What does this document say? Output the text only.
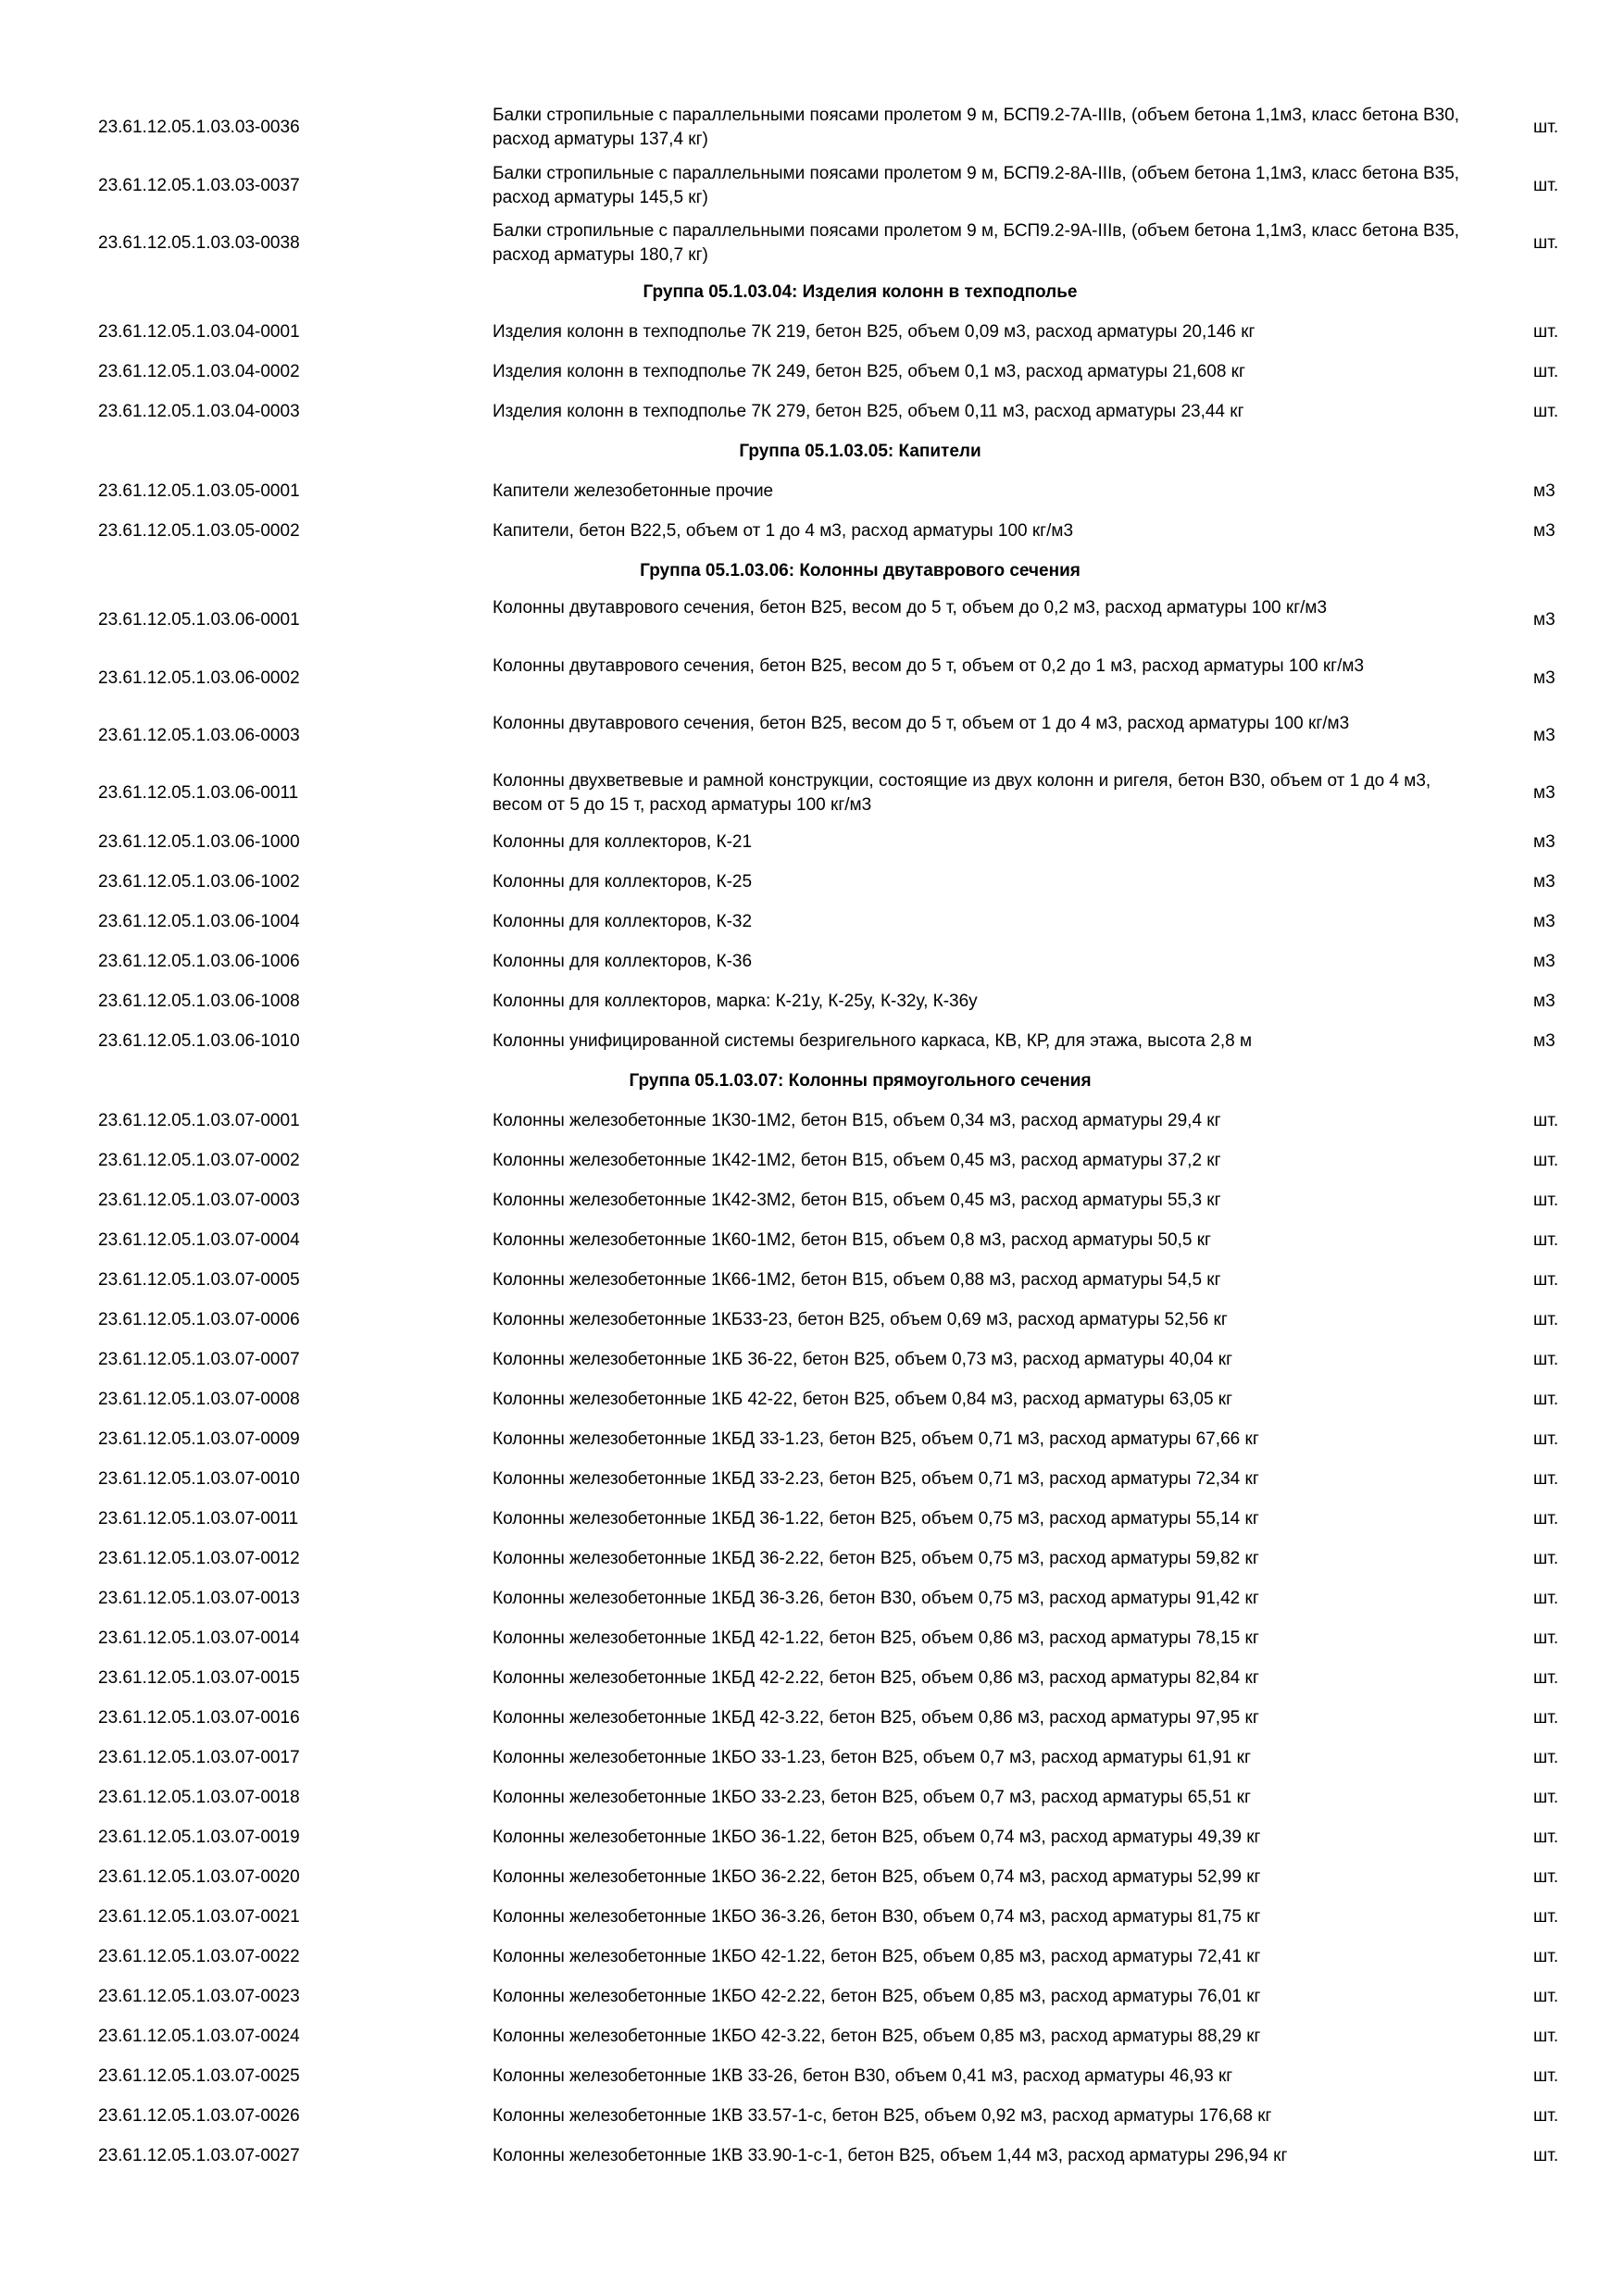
23.61.12.05.1.03.03-0036
Балки стропильные с параллельными поясами пролетом 9 м, БСП9.2-7А-IIIв, (объем бетона 1,1м3, класс бетона В30, расход арматуры 137,4 кг)
шт.
23.61.12.05.1.03.03-0037
Балки стропильные с параллельными поясами пролетом 9 м, БСП9.2-8А-IIIв, (объем бетона 1,1м3, класс бетона В35, расход арматуры 145,5 кг)
шт.
23.61.12.05.1.03.03-0038
Балки стропильные с параллельными поясами пролетом 9 м, БСП9.2-9А-IIIв, (объем бетона 1,1м3, класс бетона В35, расход арматуры 180,7 кг)
шт.
Группа 05.1.03.04: Изделия колонн в техподполье
23.61.12.05.1.03.04-0001	Изделия колонн в техподполье 7К 219, бетон В25, объем 0,09 м3, расход арматуры 20,146 кг	шт.
23.61.12.05.1.03.04-0002	Изделия колонн в техподполье 7К 249, бетон В25, объем 0,1 м3, расход арматуры 21,608 кг	шт.
23.61.12.05.1.03.04-0003	Изделия колонн в техподполье 7К 279, бетон В25, объем 0,11 м3, расход арматуры 23,44 кг	шт.
Группа 05.1.03.05: Капители
23.61.12.05.1.03.05-0001	Капители железобетонные прочие	м3
23.61.12.05.1.03.05-0002	Капители, бетон В22,5, объем от 1 до 4 м3, расход арматуры 100 кг/м3	м3
Группа 05.1.03.06: Колонны двутаврового сечения
23.61.12.05.1.03.06-0001
Колонны двутаврового сечения, бетон В25, весом до 5 т, объем до 0,2 м3, расход арматуры 100 кг/м3
м3
23.61.12.05.1.03.06-0002
Колонны двутаврового сечения, бетон В25, весом до 5 т, объем от 0,2 до 1 м3, расход арматуры 100 кг/м3
м3
23.61.12.05.1.03.06-0003
Колонны двутаврового сечения, бетон В25, весом до 5 т, объем от 1 до 4 м3, расход арматуры 100 кг/м3
м3
23.61.12.05.1.03.06-0011
Колонны двухветвевые и рамной конструкции, состоящие из двух колонн и ригеля, бетон В30, объем от 1 до 4 м3, весом от 5 до 15 т, расход арматуры 100 кг/м3
м3
23.61.12.05.1.03.06-1000	Колонны для коллекторов, К-21	м3
23.61.12.05.1.03.06-1002	Колонны для коллекторов, К-25	м3
23.61.12.05.1.03.06-1004	Колонны для коллекторов, К-32	м3
23.61.12.05.1.03.06-1006	Колонны для коллекторов, К-36	м3
23.61.12.05.1.03.06-1008	Колонны для коллекторов, марка: К-21у, К-25у, К-32у, К-36у	м3
23.61.12.05.1.03.06-1010	Колонны унифицированной системы безригельного каркаса, КВ, КР, для этажа, высота 2,8 м	м3
Группа 05.1.03.07: Колонны прямоугольного сечения
23.61.12.05.1.03.07-0001	Колонны железобетонные 1К30-1М2, бетон В15, объем 0,34 м3, расход арматуры 29,4 кг	шт.
23.61.12.05.1.03.07-0002	Колонны железобетонные 1К42-1М2, бетон В15, объем 0,45 м3, расход арматуры 37,2 кг	шт.
23.61.12.05.1.03.07-0003	Колонны железобетонные 1К42-3М2, бетон В15, объем 0,45 м3, расход арматуры 55,3 кг	шт.
23.61.12.05.1.03.07-0004	Колонны железобетонные 1К60-1М2, бетон В15, объем 0,8 м3, расход арматуры 50,5 кг	шт.
23.61.12.05.1.03.07-0005	Колонны железобетонные 1К66-1М2, бетон В15, объем 0,88 м3, расход арматуры 54,5 кг	шт.
23.61.12.05.1.03.07-0006	Колонны железобетонные 1КБ33-23, бетон В25, объем 0,69 м3, расход арматуры 52,56 кг	шт.
23.61.12.05.1.03.07-0007	Колонны железобетонные 1КБ 36-22, бетон В25, объем 0,73 м3, расход арматуры 40,04 кг	шт.
23.61.12.05.1.03.07-0008	Колонны железобетонные 1КБ 42-22, бетон В25, объем 0,84 м3, расход арматуры 63,05 кг	шт.
23.61.12.05.1.03.07-0009	Колонны железобетонные 1КБД 33-1.23, бетон В25, объем 0,71 м3, расход арматуры 67,66 кг	шт.
23.61.12.05.1.03.07-0010	Колонны железобетонные 1КБД 33-2.23, бетон В25, объем 0,71 м3, расход арматуры 72,34 кг	шт.
23.61.12.05.1.03.07-0011	Колонны железобетонные 1КБД 36-1.22, бетон В25, объем 0,75 м3, расход арматуры 55,14 кг	шт.
23.61.12.05.1.03.07-0012	Колонны железобетонные 1КБД 36-2.22, бетон В25, объем 0,75 м3, расход арматуры 59,82 кг	шт.
23.61.12.05.1.03.07-0013	Колонны железобетонные 1КБД 36-3.26, бетон В30, объем 0,75 м3, расход арматуры 91,42 кг	шт.
23.61.12.05.1.03.07-0014	Колонны железобетонные 1КБД 42-1.22, бетон В25, объем 0,86 м3, расход арматуры 78,15 кг	шт.
23.61.12.05.1.03.07-0015	Колонны железобетонные 1КБД 42-2.22, бетон В25, объем 0,86 м3, расход арматуры 82,84 кг	шт.
23.61.12.05.1.03.07-0016	Колонны железобетонные 1КБД 42-3.22, бетон В25, объем 0,86 м3, расход арматуры 97,95 кг	шт.
23.61.12.05.1.03.07-0017	Колонны железобетонные 1КБО 33-1.23, бетон В25, объем 0,7 м3, расход арматуры 61,91 кг	шт.
23.61.12.05.1.03.07-0018	Колонны железобетонные 1КБО 33-2.23, бетон В25, объем 0,7 м3, расход арматуры 65,51 кг	шт.
23.61.12.05.1.03.07-0019	Колонны железобетонные 1КБО 36-1.22, бетон В25, объем 0,74 м3, расход арматуры 49,39 кг	шт.
23.61.12.05.1.03.07-0020	Колонны железобетонные 1КБО 36-2.22, бетон В25, объем 0,74 м3, расход арматуры 52,99 кг	шт.
23.61.12.05.1.03.07-0021	Колонны железобетонные 1КБО 36-3.26, бетон В30, объем 0,74 м3, расход арматуры 81,75 кг	шт.
23.61.12.05.1.03.07-0022	Колонны железобетонные 1КБО 42-1.22, бетон В25, объем 0,85 м3, расход арматуры 72,41 кг	шт.
23.61.12.05.1.03.07-0023	Колонны железобетонные 1КБО 42-2.22, бетон В25, объем 0,85 м3, расход арматуры 76,01 кг	шт.
23.61.12.05.1.03.07-0024	Колонны железобетонные 1КБО 42-3.22, бетон В25, объем 0,85 м3, расход арматуры 88,29 кг	шт.
23.61.12.05.1.03.07-0025	Колонны железобетонные 1КВ 33-26, бетон В30, объем 0,41 м3, расход арматуры 46,93 кг	шт.
23.61.12.05.1.03.07-0026	Колонны железобетонные 1КВ 33.57-1-с, бетон В25, объем 0,92 м3, расход арматуры 176,68 кг	шт.
23.61.12.05.1.03.07-0027	Колонны железобетонные 1КВ 33.90-1-с-1, бетон В25, объем 1,44 м3, расход арматуры 296,94 кг	шт.
